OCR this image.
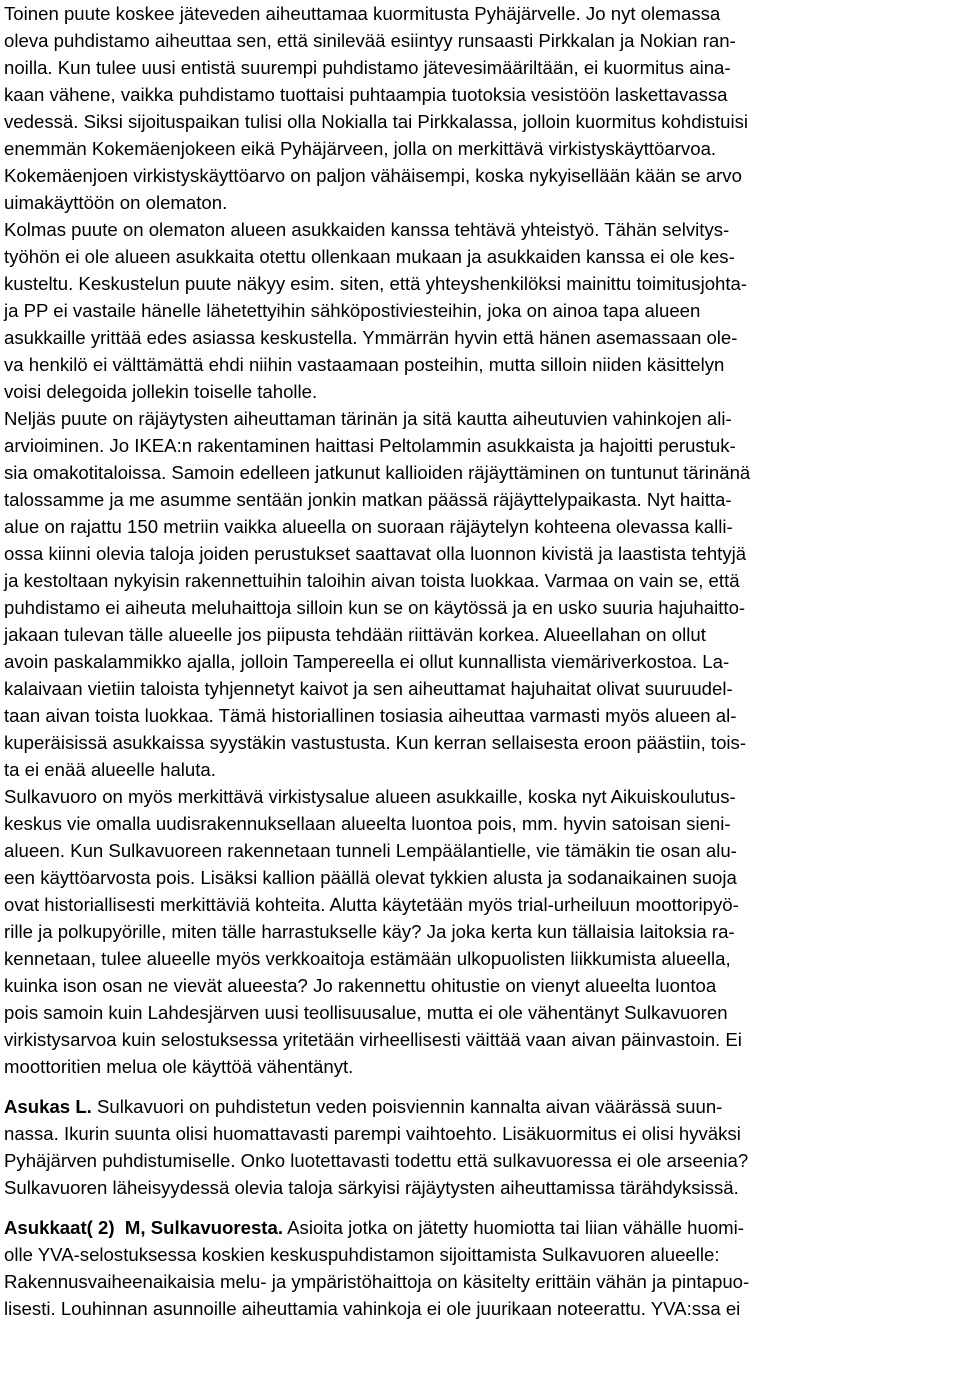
Toinen puute koskee jäteveden aiheuttamaa kuormitusta Pyhäjärvelle. Jo nyt olemassa
oleva puhdistamo aiheuttaa sen, että sinilevää esiintyy runsaasti Pirkkalan ja Nokian ran-
noilla. Kun tulee uusi entistä suurempi puhdistamo jätevesimääriltään, ei kuormitus aina-
kaan vähene, vaikka puhdistamo tuottaisi puhtaampia tuotoksia vesistöön laskettavassa
vedessä. Siksi sijoituspaikan tulisi olla Nokialla tai Pirkkalassa, jolloin kuormitus kohdistuisi
enemmän Kokemäenjokeen eikä Pyhäjärveen, jolla on merkittävä virkistyskäyttöarvoa.
Kokemäenjoen virkistyskäyttöarvo on paljon vähäisempi, koska nykyisellään kään se arvo
uimakäyttöön on olematon.
Kolmas puute on olematon alueen asukkaiden kanssa tehtävä yhteistyö. Tähän selvitys-
työhön ei ole alueen asukkaita otettu ollenkaan mukaan ja asukkaiden kanssa ei ole kes-
kusteltu. Keskustelun puute näkyy esim. siten, että yhteyshenkilöksi mainittu toimitusjohta-
ja PP ei vastaile hänelle lähetettyihin sähköpostiviesteihin, joka on ainoa tapa alueen
asukkaille yrittää edes asiassa keskustella. Ymmärrän hyvin että hänen asemassaan ole-
va henkilö ei välttämättä ehdi niihin vastaamaan posteihin, mutta silloin niiden käsittelyn
voisi delegoida jollekin toiselle taholle.
Neljäs puute on räjäytysten aiheuttaman tärinän ja sitä kautta aiheutuvien vahinkojen ali-
arvioiminen. Jo IKEA:n rakentaminen haittasi Peltolammin asukkaista ja hajoitti perustuk-
sia omakotitaloissa. Samoin edelleen jatkunut kallioiden räjäyttäminen on tuntunut tärinänä
talossamme ja me asumme sentään jonkin matkan päässä räjäyttelypaikasta. Nyt haitta-
alue on rajattu 150 metriin vaikka alueella on suoraan räjäytelyn kohteena olevassa kalli-
ossa kiinni olevia taloja joiden perustukset saattavat olla luonnon kivistä ja laastista tehtyjä
ja kestoltaan nykyisin rakennettuihin taloihin aivan toista luokkaa. Varmaa on vain se, että
puhdistamo ei aiheuta meluhaittoja silloin kun se on käytössä ja en usko suuria hajuhaitto-
jakaan tulevan tälle alueelle jos piipusta tehdään riittävän korkea. Alueellahan on ollut
avoin paskalammikko ajalla, jolloin Tampereella ei ollut kunnallista viemäriverkostoa. La-
kalaivaan vietiin taloista tyhjennetyt kaivot ja sen aiheuttamat hajuhaitat olivat suuruudel-
taan aivan toista luokkaa. Tämä historiallinen tosiasia aiheuttaa varmasti myös alueen al-
kuperäisissä asukkaissa syystäkin vastustusta. Kun kerran sellaisesta eroon päästiin, tois-
ta ei enää alueelle haluta.
Sulkavuoro on myös merkittävä virkistysalue alueen asukkaille, koska nyt Aikuiskoulutus-
keskus vie omalla uudisrakennuksellaan alueelta luontoa pois, mm. hyvin satoisan sieni-
alueen. Kun Sulkavuoreen rakennetaan tunneli Lempäälantielle, vie tämäkin tie osan alu-
een käyttöarvosta pois. Lisäksi kallion päällä olevat tykkien alusta ja sodanaikainen suoja
ovat historiallisesti merkittäviä kohteita. Alutta käytetään myös trial-urheiluun moottoripyö-
rille ja polkupyörille, miten tälle harrastukselle käy? Ja joka kerta kun tällaisia laitoksia ra-
kennetaan, tulee alueelle myös verkkoaitoja estämään ulkopuolisten liikkumista alueella,
kuinka ison osan ne vievät alueesta? Jo rakennettu ohitustie on vienyt alueelta luontoa
pois samoin kuin Lahdesjärven uusi teollisuusalue, mutta ei ole vähentänyt Sulkavuoren
virkistysarvoa kuin selostuksessa yritetään virheellisesti väittää vaan aivan päinvastoin. Ei
moottoritien melua ole käyttöä vähentänyt.
Asukas L. Sulkavuori on puhdistetun veden poisviennin kannalta aivan väärässä suun-
nassa. Ikurin suunta olisi huomattavasti parempi vaihtoehto. Lisäkuormitus ei olisi hyväksi
Pyhäjärven puhdistumiselle. Onko luotettavasti todettu että sulkavuoressa ei ole arseenia?
Sulkavuoren läheisyydessä olevia taloja särkyisi räjäytysten aiheuttamissa tärähdyksissä.
Asukkaat( 2)  M, Sulkavuoresta. Asioita jotka on jätetty huomiotta tai liian vähälle huomi-
olle YVA-selostuksessa koskien keskuspuhdistamon sijoittamista Sulkavuoren alueelle:
Rakennusvaiheenaikaisia melu- ja ympäristöhaittoja on käsitelty erittäin vähän ja pintapuo-
lisesti. Louhinnan asunnoille aiheuttamia vahinkoja ei ole juurikaan noteerattu. YVA:ssa ei
